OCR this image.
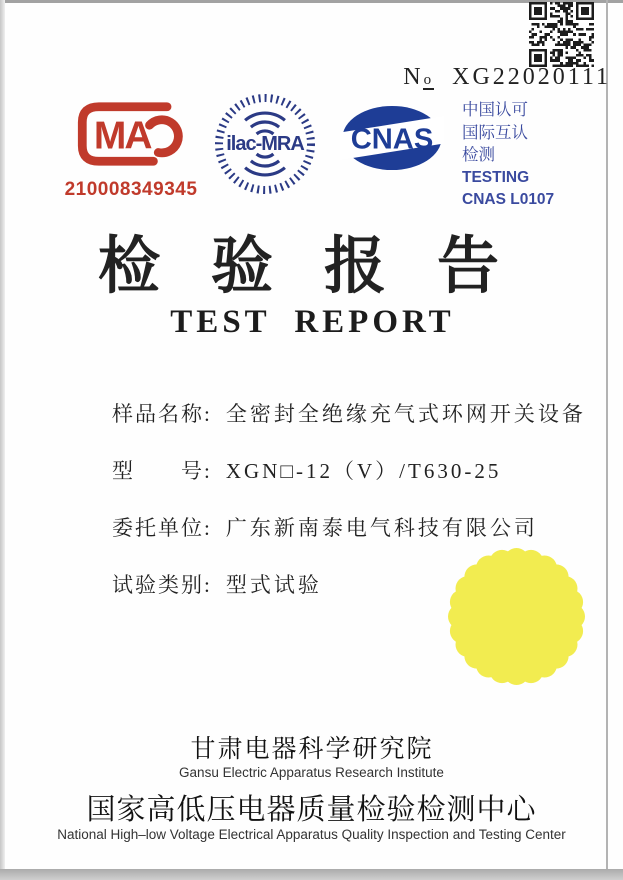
No XG22020111
MA
210008349345
ilac-MRA CNAS
中国认可
国际互认
检测
TESTING
CNAS L0107
检验报告
TEST REPORT
样品名称: 全密封全绝缘充气式环网开关设备
型　　号: XGN□-12（V）/T630-25
委托单位: 广东新南泰电气科技有限公司
试验类别: 型式试验
甘肃电器科学研究院
Gansu Electric Apparatus Research Institute
国家高低压电器质量检验检测中心
National High–low Voltage Electrical Apparatus Quality Inspection and Testing Center
